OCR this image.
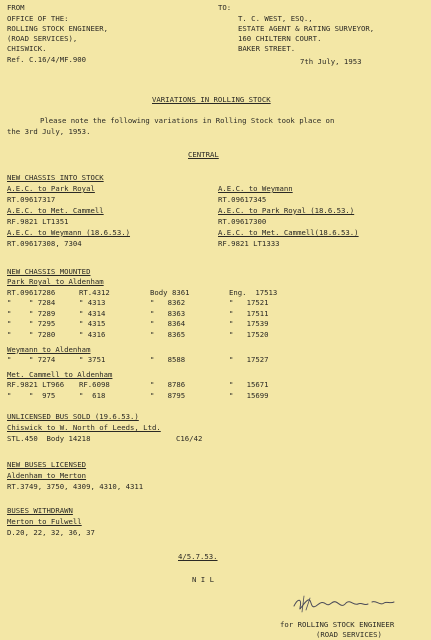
FROM
OFFICE OF THE:
ROLLING STOCK ENGINEER,
(ROAD SERVICES),
CHISWICK.
Ref. C.16/4/MF.900
TO:
T. C. WEST, ESQ.,
ESTATE AGENT & RATING SURVEYOR,
160 CHILTERN COURT.
BAKER STREET.
7th July, 1953
VARIATIONS IN ROLLING STOCK
Please note the following variations in Rolling Stock took place on
the 3rd July, 1953.
CENTRAL
NEW CHASSIS INTO STOCK
A.E.C. to Park Royal
RT.09617317
A.E.C. to Met. Cammell
RF.9821 LT1351
A.E.C. to Weymann (18.6.53.)
RT.09617308, 7304
A.E.C. to Weymann
RT.09617345
A.E.C. to Park Royal (18.6.53.)
RT.09617300
A.E.C. to Met. Cammell(18.6.53.)
RF.9821 LT1333
NEW CHASSIS MOUNTED
Park Royal to Aldenham
RT.09617286	RT.4312	Body 8361	Eng.  17513
"    " 7284	" 4313	"   8362	"   17521
"    " 7289	" 4314	"   8363	"   17511
"    " 7295	" 4315	"   8364	"   17539
"    " 7280	" 4316	"   8365	"   17520
Weymann to Aldenham
"    " 7274	" 3751	"   8588	"   17527
Met. Cammell to Aldenham
RF.9821 LT966 RF.6098	"   8786	"   15671
"    "  975	"  618	"   8795	"   15699
UNLICENSED BUS SOLD (19.6.53.)
Chiswick to W. North of Leeds, Ltd.
STL.450  Body 14218	C16/42
NEW BUSES LICENSED
Aldenham to Merton
RT.3749, 3750, 4309, 4310, 4311
BUSES WITHDRAWN
Merton to Fulwell
D.20, 22, 32, 36, 37
4/5.7.53.
N I L
for ROLLING STOCK ENGINEER
(ROAD SERVICES)
